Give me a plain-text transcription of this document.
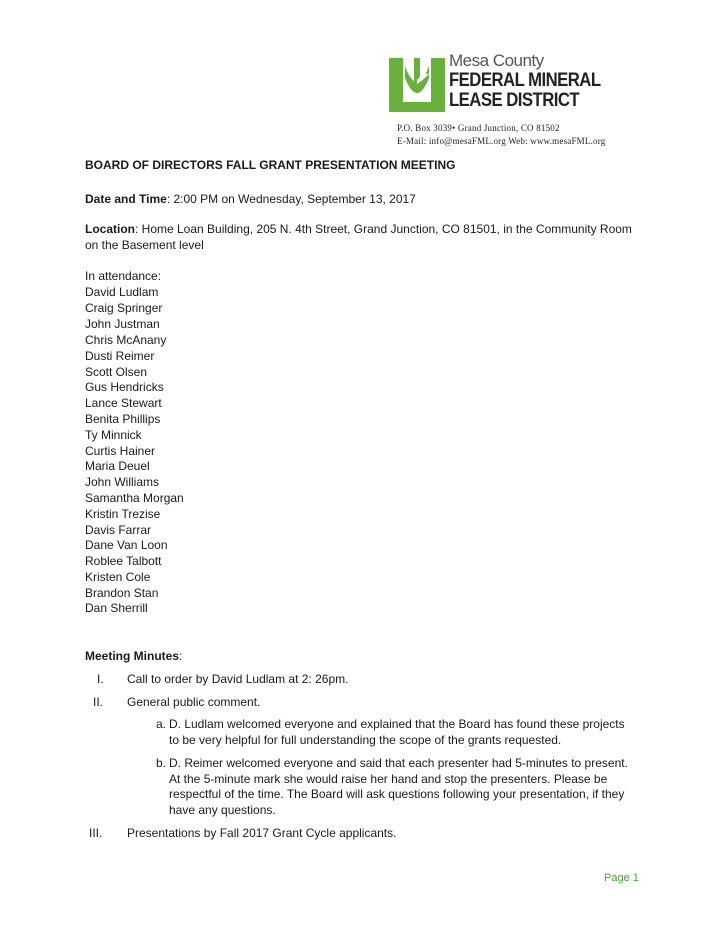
Mesa County
FEDERAL MINERAL
LEASE DISTRICT
P.O. Box 3039• Grand Junction, CO 81502
E-Mail: info@mesaFML.org Web: www.mesaFML.org
BOARD OF DIRECTORS FALL GRANT PRESENTATION MEETING
Date and Time: 2:00 PM on Wednesday, September 13, 2017
Location: Home Loan Building, 205 N. 4th Street, Grand Junction, CO 81501, in the Community Room
on the Basement level
In attendance:
David Ludlam
Craig Springer
John Justman
Chris McAnany
Dusti Reimer
Scott Olsen
Gus Hendricks
Lance Stewart
Benita Phillips
Ty Minnick
Curtis Hainer
Maria Deuel
John Williams
Samantha Morgan
Kristin Trezise
Davis Farrar
Dane Van Loon
Roblee Talbott
Kristen Cole
Brandon Stan
Dan Sherrill
Meeting Minutes:
I. Call to order by David Ludlam at 2: 26pm.
II. General public comment.
a. D. Ludlam welcomed everyone and explained that the Board has found these projects
to be very helpful for full understanding the scope of the grants requested.
b. D. Reimer welcomed everyone and said that each presenter had 5-minutes to present.
At the 5-minute mark she would raise her hand and stop the presenters. Please be
respectful of the time. The Board will ask questions following your presentation, if they
have any questions.
III. Presentations by Fall 2017 Grant Cycle applicants.
Page 1
